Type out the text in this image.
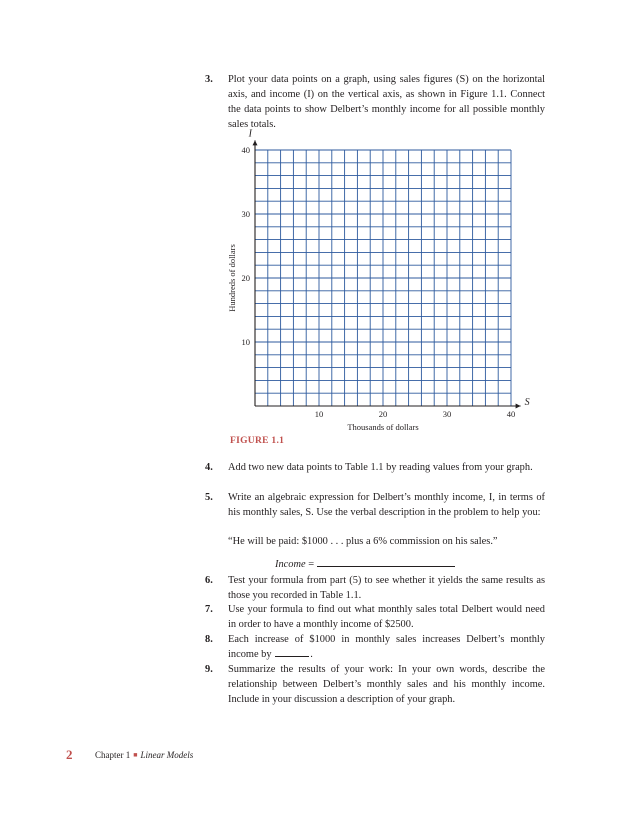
3. Plot your data points on a graph, using sales figures (S) on the horizontal axis, and income (I) on the vertical axis, as shown in Figure 1.1. Connect the data points to show Delbert’s monthly income for all possible monthly sales totals.
I
S
Hundreds of dollars
Thousands of dollars
10
20
30
40
10	20	30	40
FIGURE 1.1
4. Add two new data points to Table 1.1 by reading values from your graph.
5. Write an algebraic expression for Delbert’s monthly income, I, in terms of his monthly sales, S. Use the verbal description in the problem to help you:
“He will be paid: $1000 . . . plus a 6% commission on his sales.”
Income =
6. Test your formula from part (5) to see whether it yields the same results as those you recorded in Table 1.1.
7. Use your formula to find out what monthly sales total Delbert would need in order to have a monthly income of $2500.
8. Each increase of $1000 in monthly sales increases Delbert’s monthly income by	.
9. Summarize the results of your work: In your own words, describe the relationship between Delbert’s monthly sales and his monthly income. Include in your discussion a description of your graph.
2	Chapter 1 ■ Linear Models
